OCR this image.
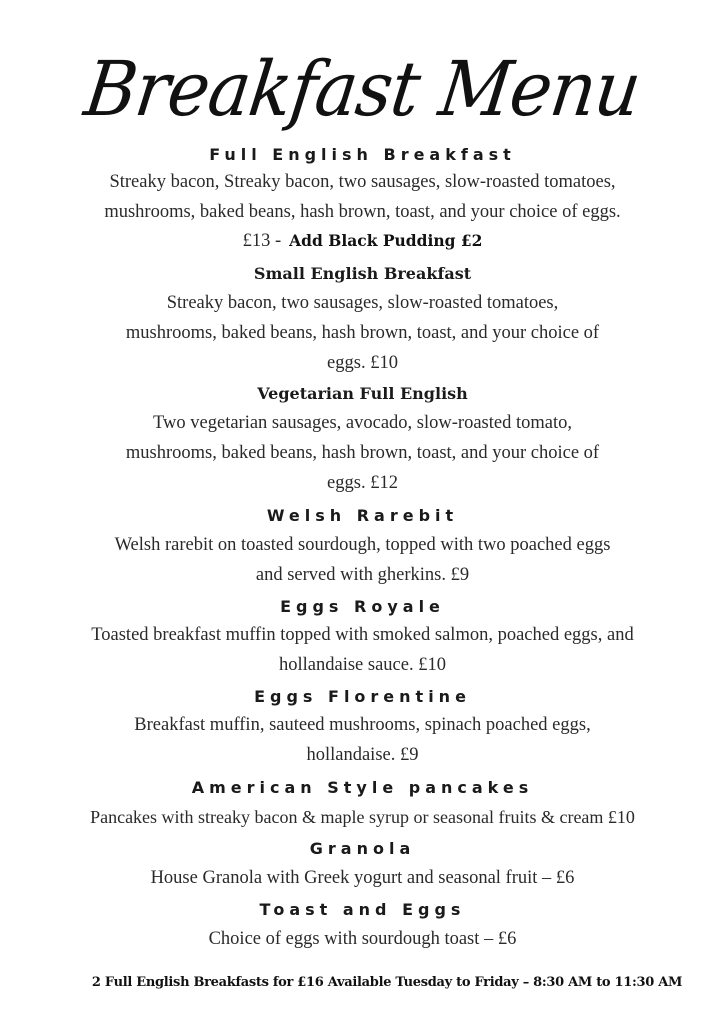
Breakfast Menu
Full English Breakfast
Streaky bacon, Streaky bacon, two sausages, slow-roasted tomatoes,
mushrooms, baked beans, hash brown, toast, and your choice of eggs.
£13 - Add Black Pudding £2
Small English Breakfast
Streaky bacon, two sausages, slow-roasted tomatoes,
mushrooms, baked beans, hash brown, toast, and your choice of
eggs. £10
Vegetarian Full English
Two vegetarian sausages, avocado, slow-roasted tomato,
mushrooms, baked beans, hash brown, toast, and your choice of
eggs. £12
Welsh Rarebit
Welsh rarebit on toasted sourdough, topped with two poached eggs
and served with gherkins. £9
Eggs Royale
Toasted breakfast muffin topped with smoked salmon, poached eggs, and
hollandaise sauce. £10
Eggs Florentine
Breakfast muffin, sauteed mushrooms, spinach poached eggs,
hollandaise. £9
American Style pancakes
Pancakes with streaky bacon & maple syrup or seasonal fruits & cream £10
Granola
House Granola with Greek yogurt and seasonal fruit – £6
Toast and Eggs
Choice of eggs with sourdough toast – £6
2 Full English Breakfasts for £16 Available Tuesday to Friday – 8:30 AM to 11:30 AM
